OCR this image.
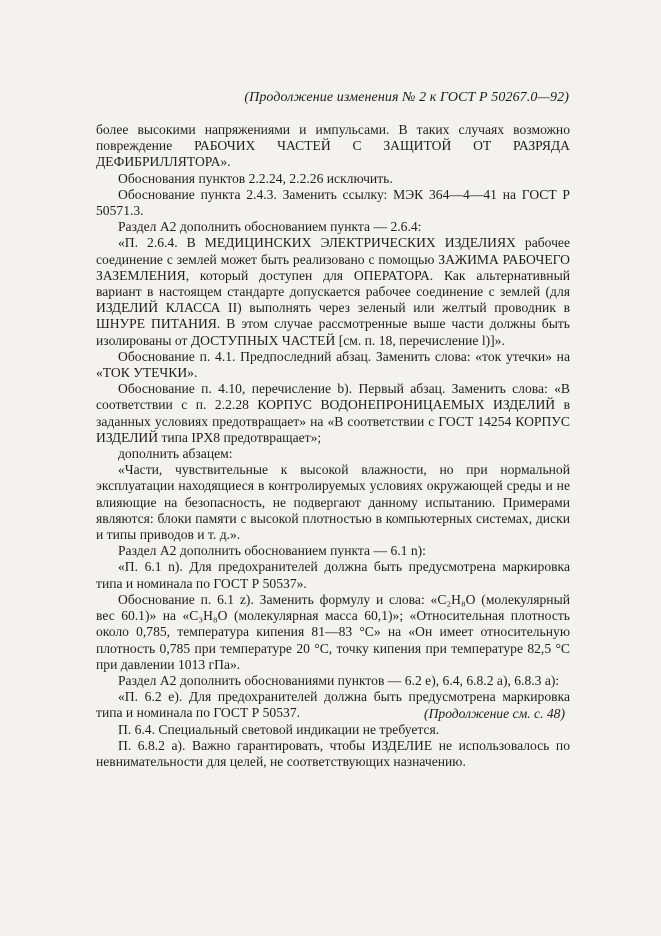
(Продолжение изменения № 2 к ГОСТ Р 50267.0—92)

более высокими напряжениями и импульсами. В таких случаях возможно повреждение РАБОЧИХ ЧАСТЕЙ С ЗАЩИТОЙ ОТ РАЗРЯДА ДЕФИБРИЛЛЯТОРА».

Обоснования пунктов 2.2.24, 2.2.26 исключить.

Обоснование пункта 2.4.3. Заменить ссылку: МЭК 364—4—41 на ГОСТ Р 50571.3.

Раздел А2 дополнить обоснованием пункта — 2.6.4:

«П. 2.6.4. В МЕДИЦИНСКИХ ЭЛЕКТРИЧЕСКИХ ИЗДЕЛИЯХ рабочее соединение с землей может быть реализовано с помощью ЗАЖИМА РАБОЧЕГО ЗАЗЕМЛЕНИЯ, который доступен для ОПЕРАТОРА. Как альтернативный вариант в настоящем стандарте допускается рабочее соединение с землей (для ИЗДЕЛИЙ КЛАССА II) выполнять через зеленый или желтый проводник в ШНУРЕ ПИТАНИЯ. В этом случае рассмотренные выше части должны быть изолированы от ДОСТУПНЫХ ЧАСТЕЙ [см. п. 18, перечисление l)]».

Обоснование п. 4.1. Предпоследний абзац. Заменить слова: «ток утечки» на «ТОК УТЕЧКИ».

Обоснование п. 4.10, перечисление b). Первый абзац. Заменить слова: «В соответствии с п. 2.2.28 КОРПУС ВОДОНЕПРОНИЦАЕМЫХ ИЗДЕЛИЙ в заданных условиях предотвращает» на «В соответствии с ГОСТ 14254 КОРПУС ИЗДЕЛИЙ типа IPX8 предотвращает»;

дополнить абзацем:

«Части, чувствительные к высокой влажности, но при нормальной эксплуатации находящиеся в контролируемых условиях окружающей среды и не влияющие на безопасность, не подвергают данному испытанию. Примерами являются: блоки памяти с высокой плотностью в компьютерных системах, диски и типы приводов и т. д.».

Раздел А2 дополнить обоснованием пункта — 6.1 n):

«П. 6.1 n). Для предохранителей должна быть предусмотрена маркировка типа и номинала по ГОСТ Р 50537».

Обоснование п. 6.1 z). Заменить формулу и слова: «C₂H₈O (молекулярный вес 60.1)» на «C₃H₈O (молекулярная масса 60,1)»; «Относительная плотность около 0,785, температура кипения 81—83 °С» на «Он имеет относительную плотность 0,785 при температуре 20 °С, точку кипения при температуре 82,5 °С при давлении 1013 гПа».

Раздел А2 дополнить обоснованиями пунктов — 6.2 е), 6.4, 6.8.2 а), 6.8.3 а):

«П. 6.2 е). Для предохранителей должна быть предусмотрена маркировка типа и номинала по ГОСТ Р 50537.

П. 6.4. Специальный световой индикации не требуется.

П. 6.8.2 а). Важно гарантировать, чтобы ИЗДЕЛИЕ не использовалось по невнимательности для целей, не соответствующих назначению.

(Продолжение см. с. 48)
